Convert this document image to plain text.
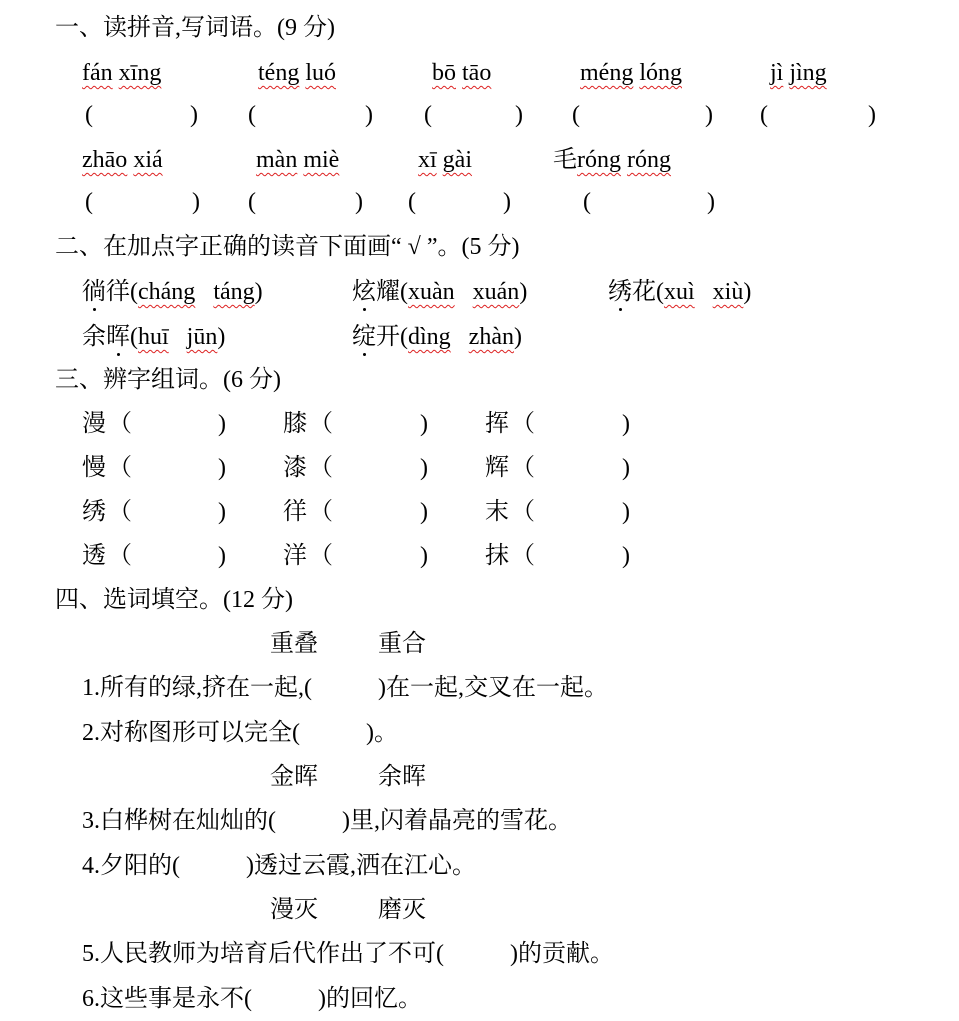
一、读拼音,写词语。(9 分)
二、在加点字正确的读音下面画“ √ ”。(5 分)
三、辨字组词。(6 分)
四、选词填空。(12 分)
fán xīng
(	)
téng luó
(	)
bō tāo
(	)
méng lóng
(	)
jì jìng
(	)
zhāo xiá
(	)
màn miè
(	)
xī gài
(	)
毛róng róng
(	)
徜徉(cháng táng)	炫耀(xuàn xuán)	绣花(xuì xiù)
余晖(huī jūn)	绽开(dìng zhàn)
漫 （	) 膝 （	) 挥 （	)
慢 （	) 漆 （	) 辉 （	)
绣 （	) 徉 （	) 末 （	)
透 （	) 洋 （	) 抹 （	)
重叠	重合
1.所有的绿,挤在一起,(	)在一起,交叉在一起。
2.对称图形可以完全(	)。
金晖	余晖
3.白桦树在灿灿的(	)里,闪着晶亮的雪花。
4.夕阳的(	)透过云霞,洒在江心。
漫灭	磨灭
5.人民教师为培育后代作出了不可(	)的贡献。
6.这些事是永不(	)的回忆。
